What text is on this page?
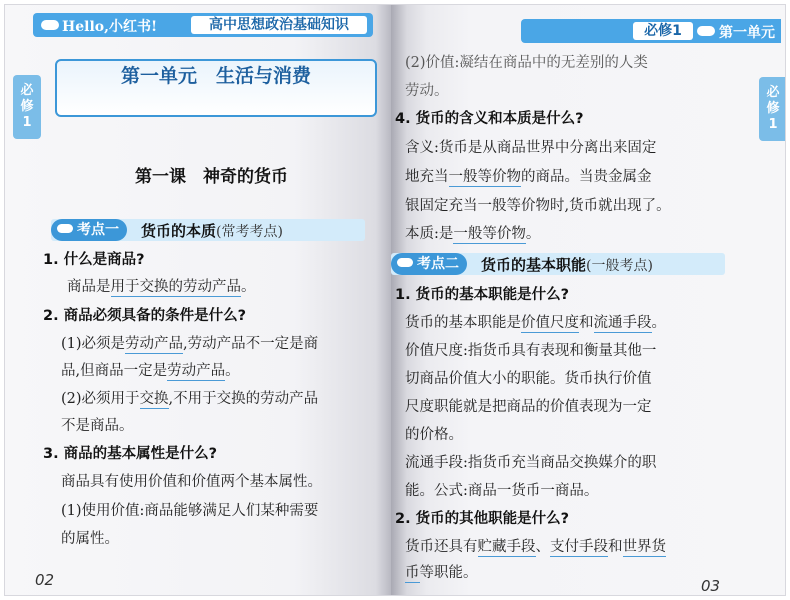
Hello,小红书!	高中思想政治基础知识
必
修
1
第一单元　生活与消费
第一课　神奇的货币
考点一	货币的本质(常考考点)
1. 什么是商品?
商品是用于交换的劳动产品。
2. 商品必须具备的条件是什么?
(1)必须是劳动产品,劳动产品不一定是商
品,但商品一定是劳动产品。
(2)必须用于交换,不用于交换的劳动产品
不是商品。
3. 商品的基本属性是什么?
商品具有使用价值和价值两个基本属性。
(1)使用价值:商品能够满足人们某种需要
的属性。
02
必修1	第一单元
必
修
1
(2)价值:凝结在商品中的无差别的人类
劳动。
4. 货币的含义和本质是什么?
含义:货币是从商品世界中分离出来固定
地充当一般等价物的商品。当贵金属金
银固定充当一般等价物时,货币就出现了。
本质:是一般等价物。
考点二	货币的基本职能(一般考点)
1. 货币的基本职能是什么?
货币的基本职能是价值尺度和流通手段。
价值尺度:指货币具有表现和衡量其他一
切商品价值大小的职能。货币执行价值
尺度职能就是把商品的价值表现为一定
的价格。
流通手段:指货币充当商品交换媒介的职
能。公式:商品一货币一商品。
2. 货币的其他职能是什么?
货币还具有贮藏手段、支付手段和世界货
币等职能。
03
